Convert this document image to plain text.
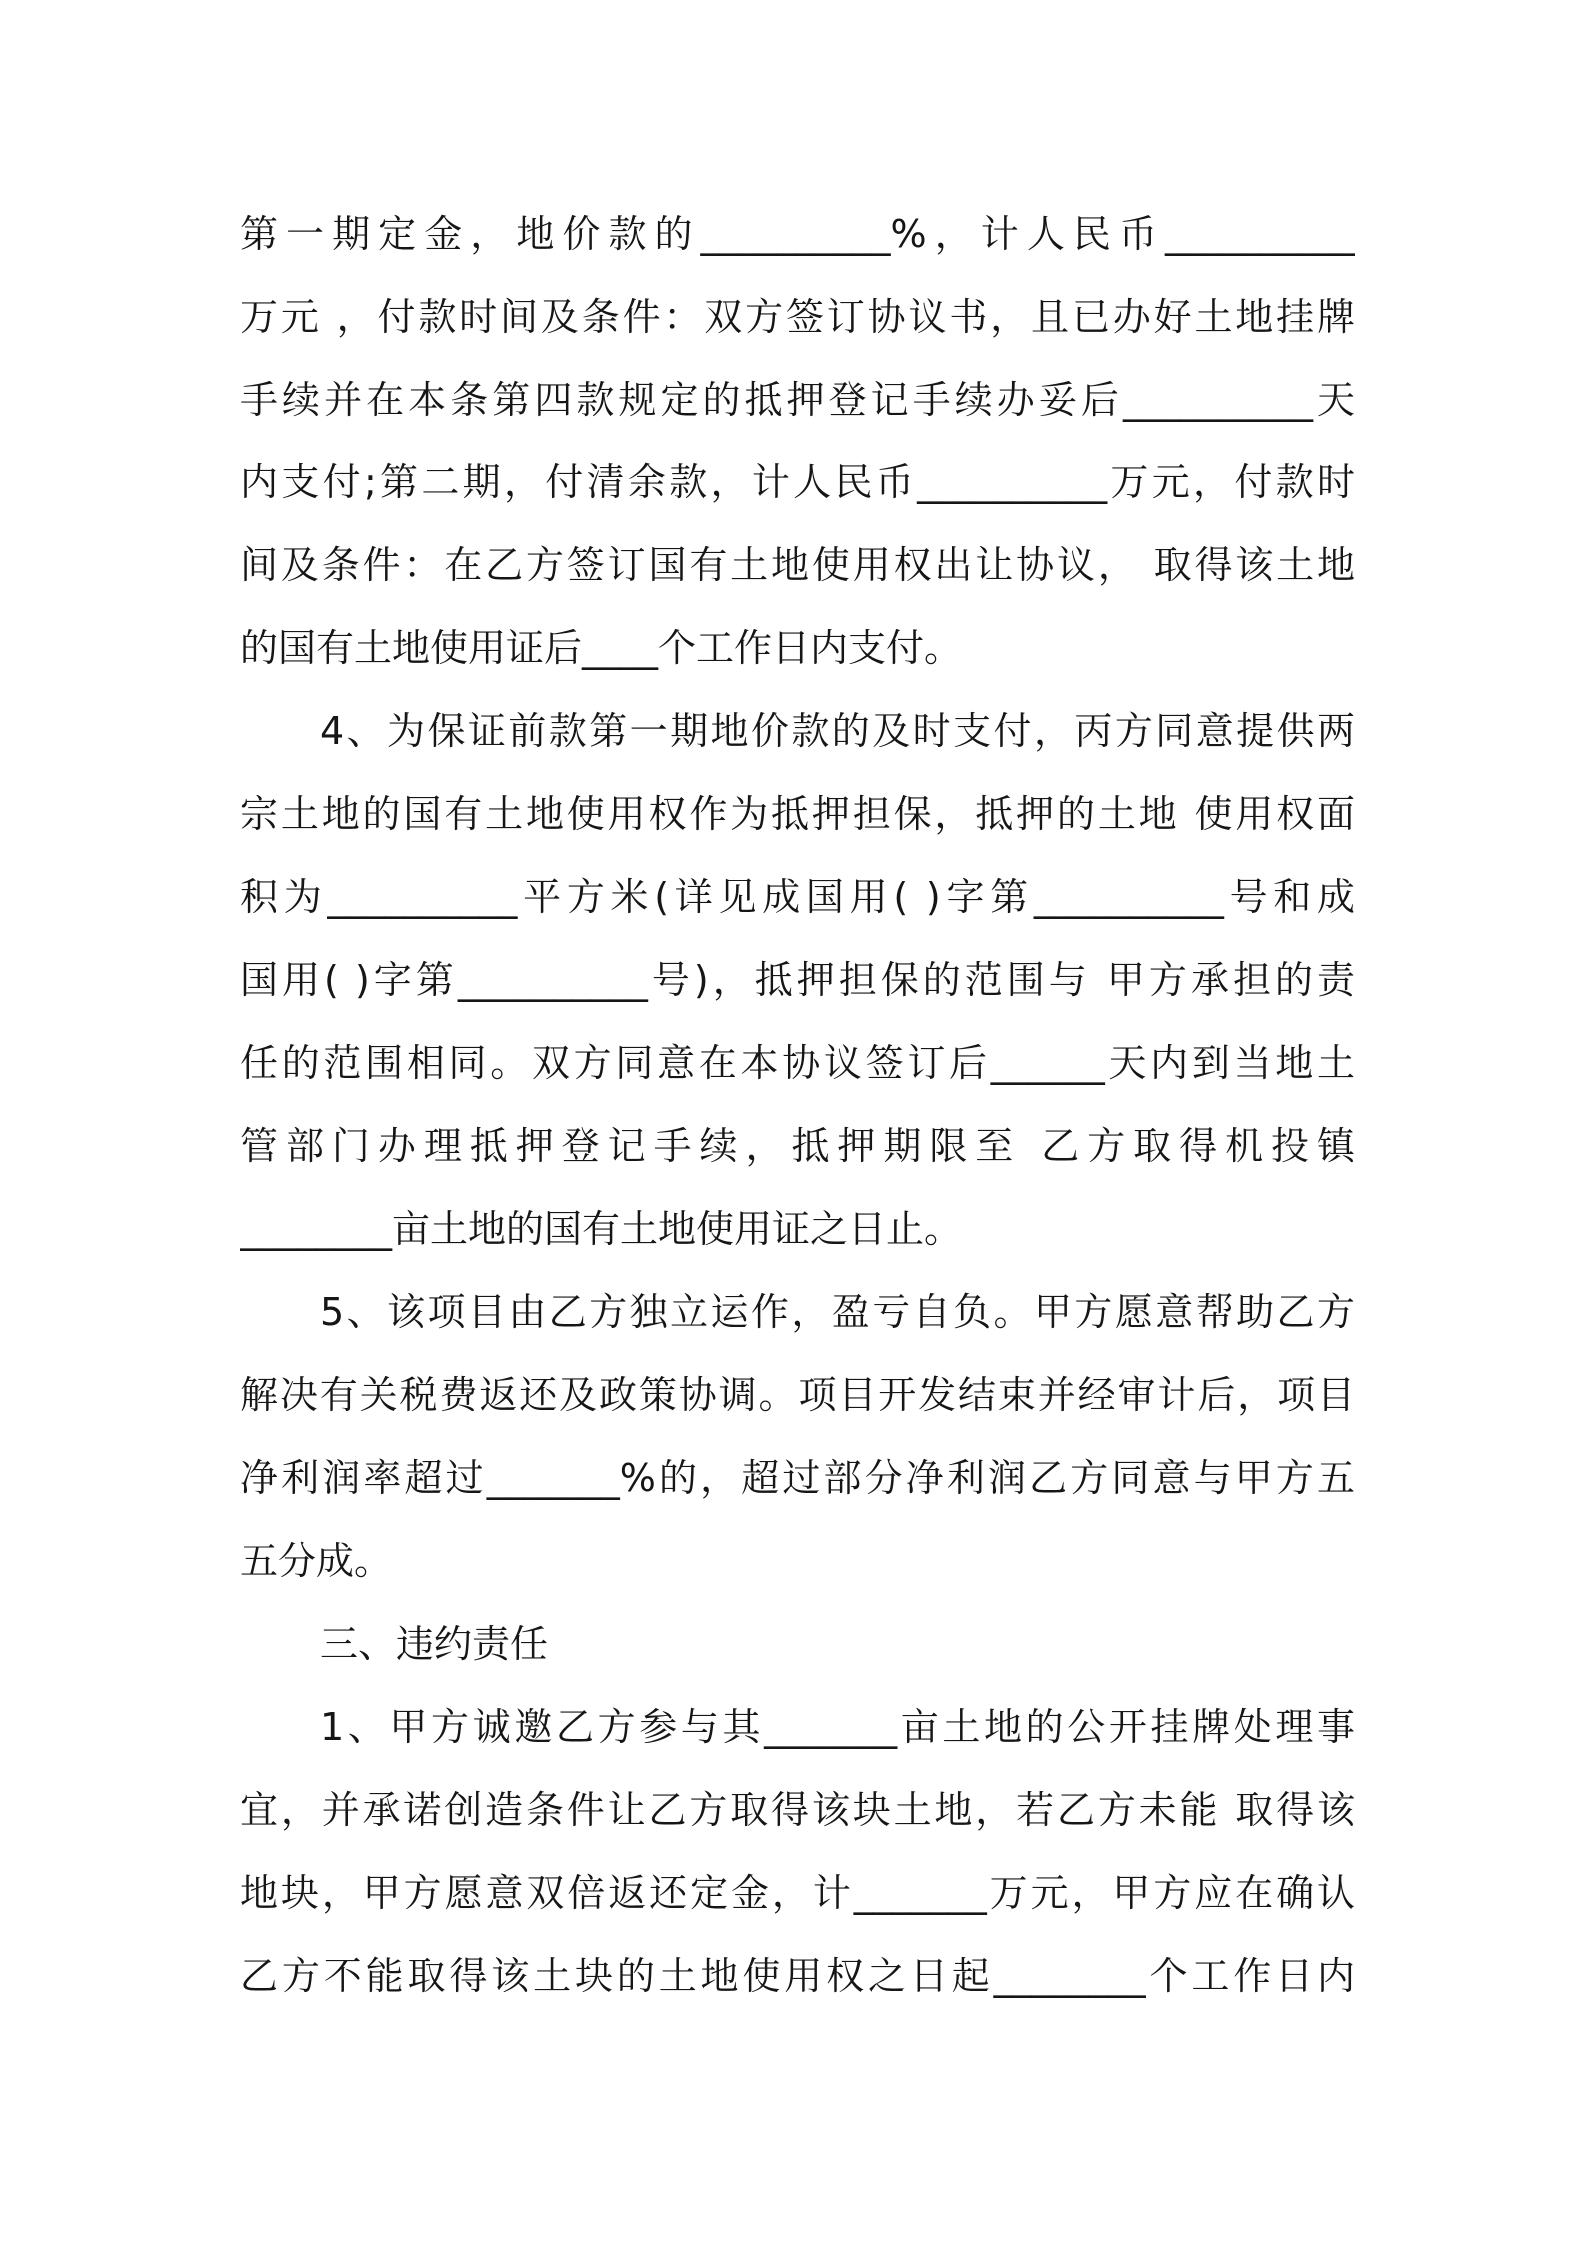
第一期定金，地价款的__________%，计人民币__________
万元 ，付款时间及条件：双方签订协议书，且已办好土地挂牌
手续并在本条第四款规定的抵押登记手续办妥后__________天
内支付;第二期，付清余款，计人民币__________万元，付款时
间及条件：在乙方签订国有土地使用权出让协议， 取得该土地
的国有土地使用证后____个工作日内支付。
4、为保证前款第一期地价款的及时支付，丙方同意提供两
宗土地的国有土地使用权作为抵押担保，抵押的土地 使用权面
积为__________平方米(详见成国用( )字第__________号和成
国用( )字第__________号)，抵押担保的范围与 甲方承担的责
任的范围相同。双方同意在本协议签订后______天内到当地土
管部门办理抵押登记手续，抵押期限至 乙方取得机投镇
________亩土地的国有土地使用证之日止。
5、该项目由乙方独立运作，盈亏自负。甲方愿意帮助乙方
解决有关税费返还及政策协调。项目开发结束并经审计后，项目
净利润率超过_______%的，超过部分净利润乙方同意与甲方五
五分成。
三、违约责任
1、甲方诚邀乙方参与其_______亩土地的公开挂牌处理事
宜，并承诺创造条件让乙方取得该块土地，若乙方未能 取得该
地块，甲方愿意双倍返还定金，计_______万元，甲方应在确认
乙方不能取得该土块的土地使用权之日起________个工作日内
